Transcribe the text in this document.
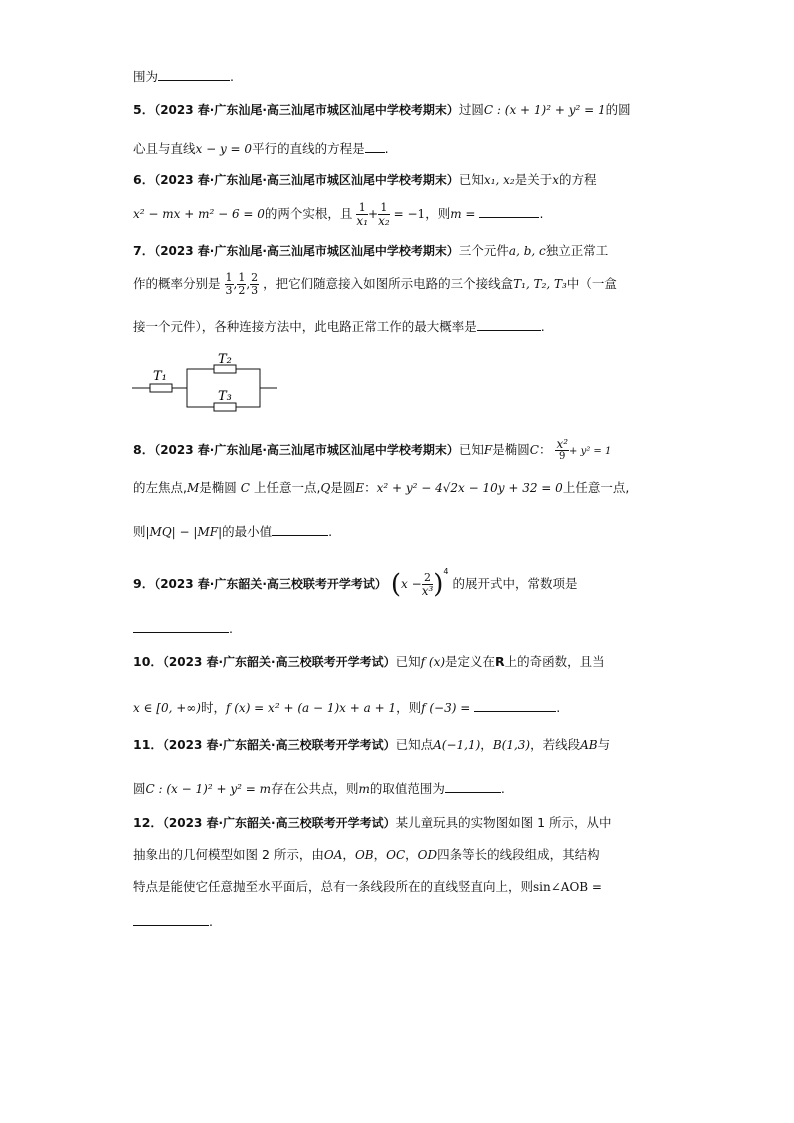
围为	.
5．（2023 春·广东汕尾·高三汕尾市城区汕尾中学校考期末）过圆C : (x + 1)² + y² = 1的圆
心且与直线x − y = 0平行的直线的方程是 .
6．（2023 春·广东汕尾·高三汕尾市城区汕尾中学校考期末）已知x₁, x₂是关于x的方程
x² − mx + m² − 6 = 0的两个实根，且 $\frac{1}{\text{x₁}} + \frac{1}{\text{x₂}} = -1$，则m =	.
7．（2023 春·广东汕尾·高三汕尾市城区汕尾中学校考期末）三个元件a, b, c独立正常工
作的概率分别是 $\frac{1}{3}$ , $\frac{1}{2}$ , $\frac{2}{3}$ ，把它们随意接入如图所示电路的三个接线盒T₁, T₂, T₃中（一盒
接一个元件），各种连接方法中，此电路正常工作的最大概率是	.
T₁
T₂
T₃
8．（2023 春·广东汕尾·高三汕尾市城区汕尾中学校考期末）已知F是椭圆C： $\frac{\text{x²}}{9} + y^2 = 1$
的左焦点,M是椭圆 C 上任意一点,Q是圆E：x² + y² − 4√2x − 10y + 32 = 0上任意一点,
则|MQ| − |MF|的最小值	.
9．（2023 春·广东韶关·高三校联考开学考试） $(x - \frac{2}{\text{x³}} )^4$ 的展开式中，常数项是
.
10．（2023 春·广东韶关·高三校联考开学考试）已知f (x)是定义在R上的奇函数，且当
x ∈ [0, +∞)时，f (x) = x² + (a − 1)x + a + 1，则f (−3) =	.
11．（2023 春·广东韶关·高三校联考开学考试）已知点A(−1,1)，B(1,3)，若线段AB与
圆C : (x − 1)² + y² = m存在公共点，则m的取值范围为	.
12．（2023 春·广东韶关·高三校联考开学考试）某儿童玩具的实物图如图 1 所示，从中
抽象出的几何模型如图 2 所示，由OA，OB，OC，OD四条等长的线段组成，其结构
特点是能使它任意抛至水平面后，总有一条线段所在的直线竖直向上，则sin∠AOB =
.
